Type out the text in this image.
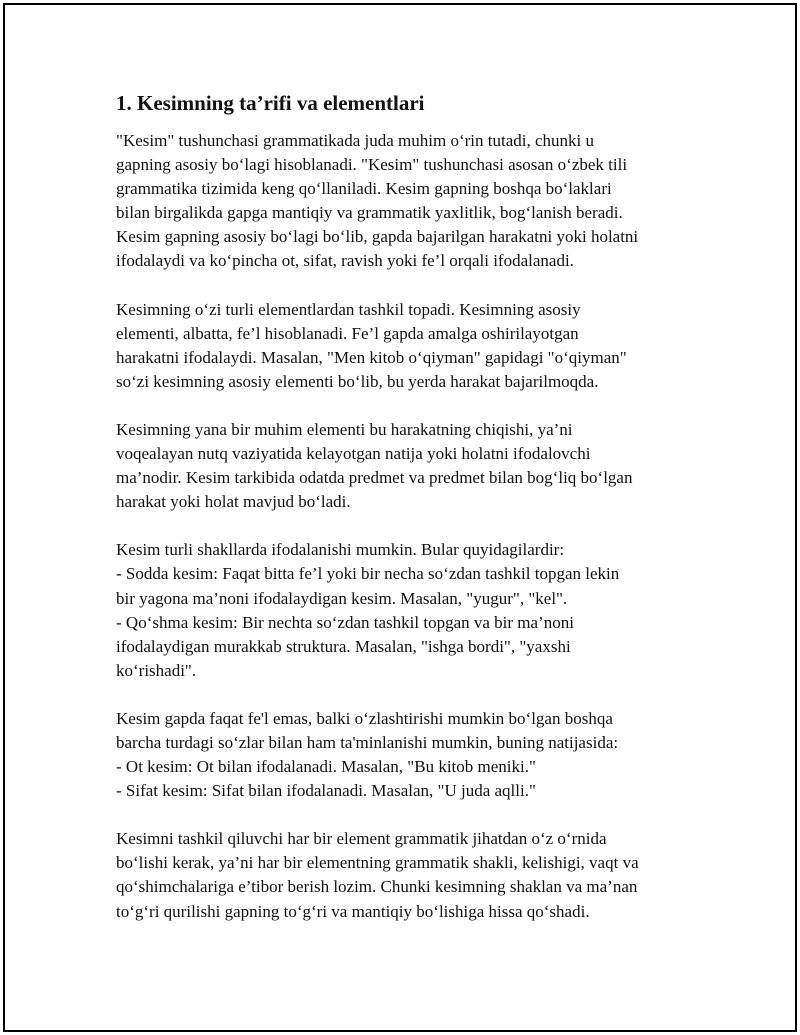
1. Kesimning ta’rifi va elementlari
"Kesim" tushunchasi grammatikada juda muhim o‘rin tutadi, chunki u
gapning asosiy bo‘lagi hisoblanadi. "Kesim" tushunchasi asosan o‘zbek tili
grammatika tizimida keng qo‘llaniladi. Kesim gapning boshqa bo‘laklari
bilan birgalikda gapga mantiqiy va grammatik yaxlitlik, bog‘lanish beradi.
Kesim gapning asosiy bo‘lagi bo‘lib, gapda bajarilgan harakatni yoki holatni
ifodalaydi va ko‘pincha ot, sifat, ravish yoki fe’l orqali ifodalanadi.
Kesimning o‘zi turli elementlardan tashkil topadi. Kesimning asosiy
elementi, albatta, fe’l hisoblanadi. Fe’l gapda amalga oshirilayotgan
harakatni ifodalaydi. Masalan, "Men kitob o‘qiyman" gapidagi "o‘qiyman"
so‘zi kesimning asosiy elementi bo‘lib, bu yerda harakat bajarilmoqda.
Kesimning yana bir muhim elementi bu harakatning chiqishi, ya’ni
voqealayan nutq vaziyatida kelayotgan natija yoki holatni ifodalovchi
ma’nodir. Kesim tarkibida odatda predmet va predmet bilan bog‘liq bo‘lgan
harakat yoki holat mavjud bo‘ladi.
Kesim turli shakllarda ifodalanishi mumkin. Bular quyidagilardir:
- Sodda kesim: Faqat bitta fe’l yoki bir necha so‘zdan tashkil topgan lekin
bir yagona ma’noni ifodalaydigan kesim. Masalan, "yugur", "kel".
- Qo‘shma kesim: Bir nechta so‘zdan tashkil topgan va bir ma’noni
ifodalaydigan murakkab struktura. Masalan, "ishga bordi", "yaxshi
ko‘rishadi".
Kesim gapda faqat fe'l emas, balki o‘zlashtirishi mumkin bo‘lgan boshqa
barcha turdagi so‘zlar bilan ham ta'minlanishi mumkin, buning natijasida:
- Ot kesim: Ot bilan ifodalanadi. Masalan, "Bu kitob meniki."
- Sifat kesim: Sifat bilan ifodalanadi. Masalan, "U juda aqlli."
Kesimni tashkil qiluvchi har bir element grammatik jihatdan o‘z o‘rnida
bo‘lishi kerak, ya’ni har bir elementning grammatik shakli, kelishigi, vaqt va
qo‘shimchalariga e’tibor berish lozim. Chunki kesimning shaklan va ma’nan
to‘g‘ri qurilishi gapning to‘g‘ri va mantiqiy bo‘lishiga hissa qo‘shadi.
